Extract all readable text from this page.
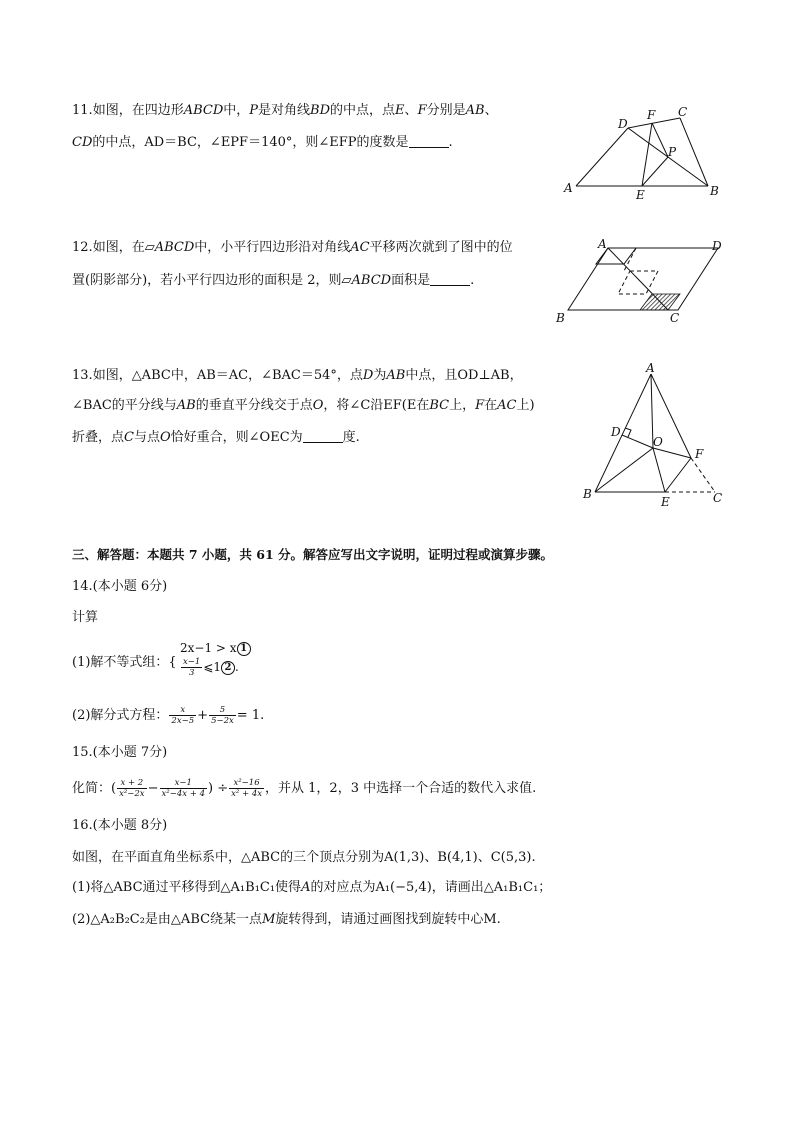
11.如图，在四边形ABCD中，P是对角线BD的中点，点E、F分别是AB、
CD的中点，AD＝BC，∠EPF＝140°，则∠EFP的度数是	.
A	B
C
D
F
E
P
12.如图，在▱ABCD中，小平行四边形沿对角线AC平移两次就到了图中的位
置(阴影部分)，若小平行四边形的面积是 2，则▱ABCD面积是	.
A	D
B	C
13.如图，△ABC中，AB＝AC，∠BAC＝54°，点D为AB中点，且OD⊥AB，
∠BAC的平分线与AB的垂直平分线交于点O，将∠C沿EF(E在BC上，F在AC上)
折叠，点C与点O恰好重合，则∠OEC为	度.
A
D
O
F
B
E	C
三、解答题：本题共 7 小题，共 61 分。解答应写出文字说明，证明过程或演算步骤。
14.(本小题 6分)
计算
(1)解不等式组：{
2x−1 > x 1
$\frac{x-1}{3}$ ⩽1 2 .
(2)解分式方程： $\frac{x}{2x-5} + \frac{5}{5-2x} = 1$.
15.(本小题 7分)
化简：( $\frac{x + 2}{\text{x²−2x}} - \frac{x-1}{\text{x²−4x + 4}}$ ) ÷ $\frac{\text{x²−16}}{\text{x² + 4x}}$ ，并从 1，2，3 中选择一个合适的数代入求值.
16.(本小题 8分)
如图，在平面直角坐标系中，△ABC的三个顶点分别为A(1,3)、B(4,1)、C(5,3).
(1)将△ABC通过平移得到△A₁B₁C₁使得A的对应点为A₁(−5,4)，请画出△A₁B₁C₁；
(2)△A₂B₂C₂是由△ABC绕某一点M旋转得到，请通过画图找到旋转中心M.
